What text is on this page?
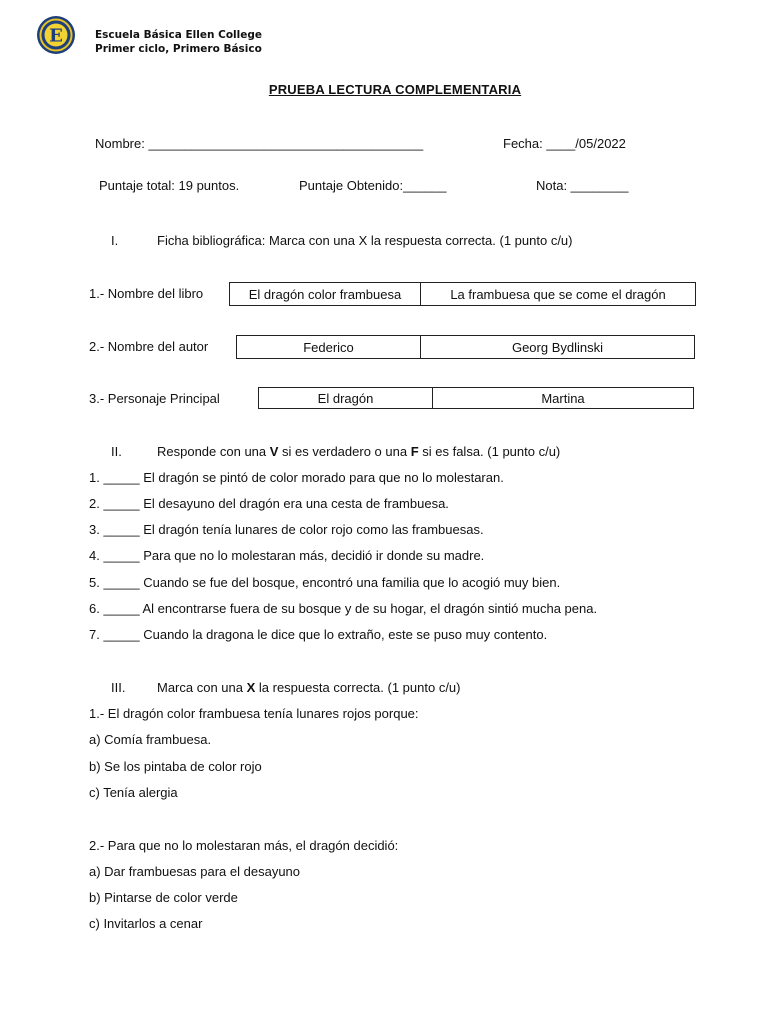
E	Escuela Básica Ellen College
Primer ciclo, Primero Básico
PRUEBA LECTURA COMPLEMENTARIA
Nombre: ______________________________________	Fecha: ____/05/2022
Puntaje total: 19 puntos.	Puntaje Obtenido:______	Nota: ________
I.	Ficha bibliográfica: Marca con una X la respuesta correcta. (1 punto c/u)
1.- Nombre del libro	El dragón color frambuesa	La frambuesa que se come el dragón
2.- Nombre del autor	Federico	Georg Bydlinski
3.- Personaje Principal	El dragón	Martina
II.	Responde con una V si es verdadero o una F si es falsa. (1 punto c/u)
1. _____ El dragón se pintó de color morado para que no lo molestaran.
2. _____ El desayuno del dragón era una cesta de frambuesa.
3. _____ El dragón tenía lunares de color rojo como las frambuesas.
4. _____ Para que no lo molestaran más, decidió ir donde su madre.
5. _____ Cuando se fue del bosque, encontró una familia que lo acogió muy bien.
6. _____ Al encontrarse fuera de su bosque y de su hogar, el dragón sintió mucha pena.
7. _____ Cuando la dragona le dice que lo extraño, este se puso muy contento.
III. Marca con una X la respuesta correcta. (1 punto c/u)
1.- El dragón color frambuesa tenía lunares rojos porque:
a) Comía frambuesa.
b) Se los pintaba de color rojo
c) Tenía alergia
2.- Para que no lo molestaran más, el dragón decidió:
a) Dar frambuesas para el desayuno
b) Pintarse de color verde
c) Invitarlos a cenar
